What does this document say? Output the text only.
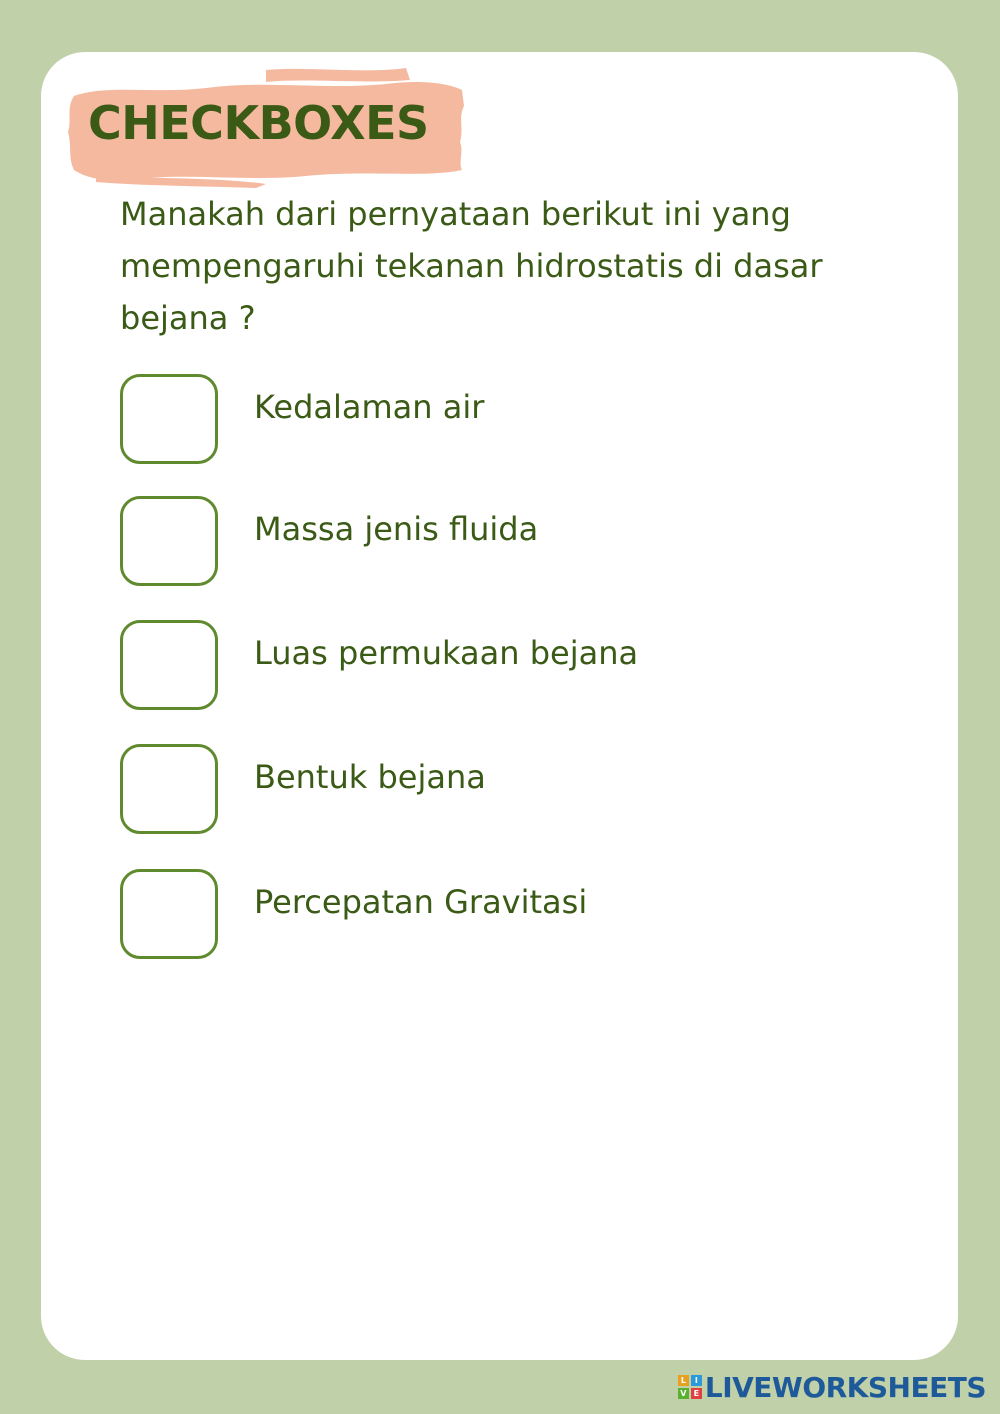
CHECKBOXES
Manakah dari pernyataan berikut ini yang mempengaruhi tekanan hidrostatis di dasar bejana ?
Kedalaman air
Massa jenis fluida
Luas permukaan bejana
Bentuk bejana
Percepatan Gravitasi
L	I
V E LIVEWORKSHEETS
